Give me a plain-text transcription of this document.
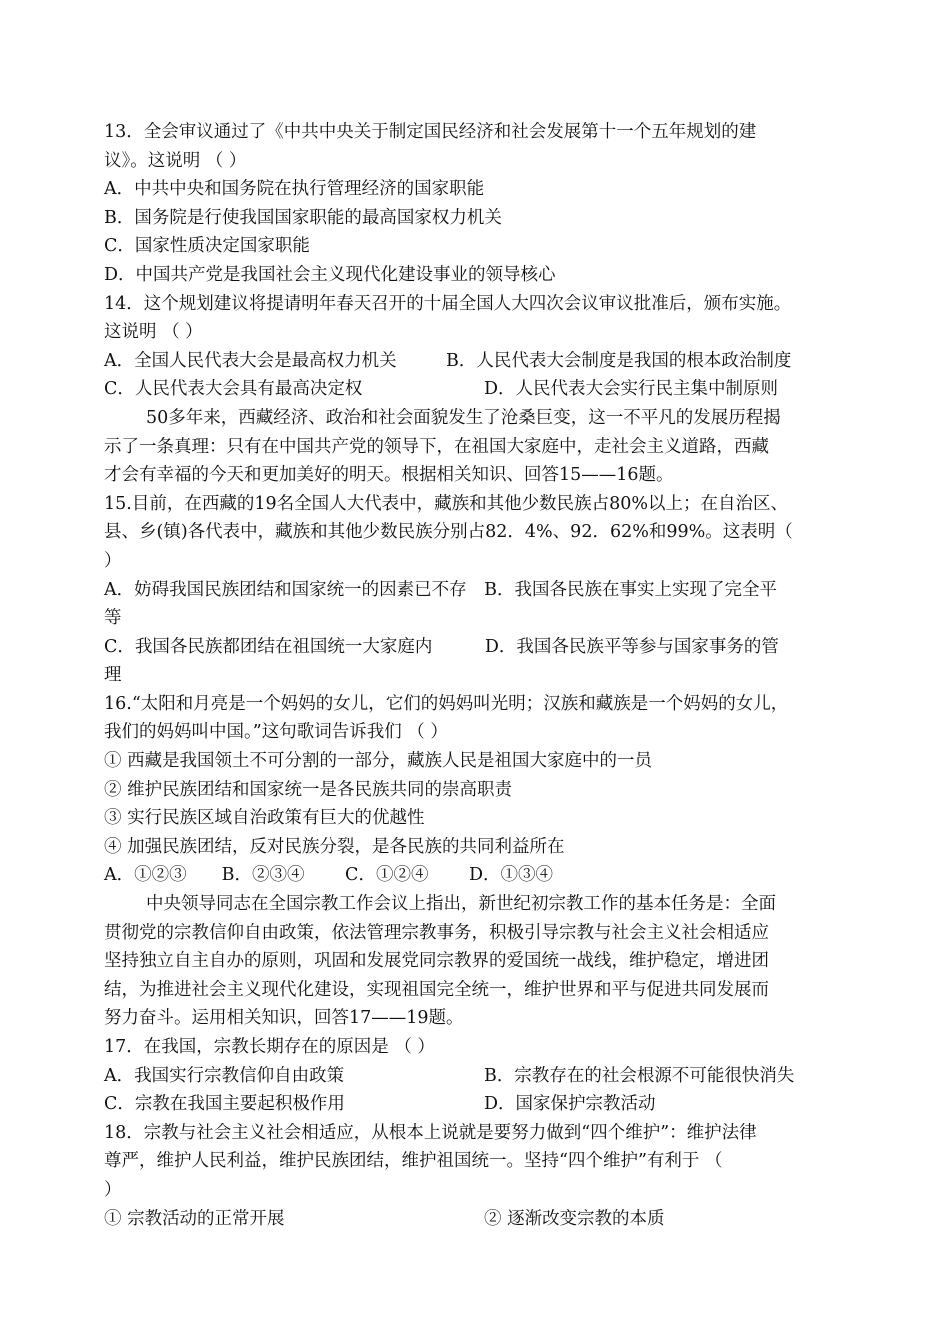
13．全会审议通过了《中共中央关于制定国民经济和社会发展第十一个五年规划的建
议》。这说明 （ ）
A．中共中央和国务院在执行管理经济的国家职能
B．国务院是行使我国国家职能的最高国家权力机关
C．国家性质决定国家职能
D．中国共产党是我国社会主义现代化建设事业的领导核心
14．这个规划建议将提请明年春天召开的十届全国人大四次会议审议批准后，颁布实施。
这说明 （ ）
A．全国人民代表大会是最高权力机关	B．人民代表大会制度是我国的根本政治制度
C．人民代表大会具有最高决定权	D．人民代表大会实行民主集中制原则
50多年来，西藏经济、政治和社会面貌发生了沧桑巨变，这一不平凡的发展历程揭
示了一条真理：只有在中国共产党的领导下，在祖国大家庭中，走社会主义道路，西藏
才会有幸福的今天和更加美好的明天。根据相关知识、回答15——16题。
15.目前，在西藏的19名全国人大代表中，藏族和其他少数民族占80%以上；在自治区、
县、乡(镇)各代表中，藏族和其他少数民族分别占82．4%、92．62%和99%。这表明（
）
A．妨碍我国民族团结和国家统一的因素已不存　B．我国各民族在事实上实现了完全平
等
C．我国各民族都团结在祖国统一大家庭内　　　D．我国各民族平等参与国家事务的管
理
16.“太阳和月亮是一个妈妈的女儿，它们的妈妈叫光明；汉族和藏族是一个妈妈的女儿，
我们的妈妈叫中国。”这句歌词告诉我们 （ ）
① 西藏是我国领土不可分割的一部分，藏族人民是祖国大家庭中的一员
② 维护民族团结和国家统一是各民族共同的崇高职责
③ 实行民族区域自治政策有巨大的优越性
④ 加强民族团结，反对民族分裂，是各民族的共同利益所在
A．①②③　　B．②③④　　 C．①②④　　 D．①③④
中央领导同志在全国宗教工作会议上指出，新世纪初宗教工作的基本任务是：全面
贯彻党的宗教信仰自由政策，依法管理宗教事务，积极引导宗教与社会主义社会相适应
坚持独立自主自办的原则，巩固和发展党同宗教界的爱国统一战线，维护稳定，增进团
结，为推进社会主义现代化建设，实现祖国完全统一，维护世界和平与促进共同发展而
努力奋斗。运用相关知识，回答17——19题。
17．在我国，宗教长期存在的原因是 （ ）
A．我国实行宗教信仰自由政策	B．宗教存在的社会根源不可能很快消失
C．宗教在我国主要起积极作用	D．国家保护宗教活动
18．宗教与社会主义社会相适应，从根本上说就是要努力做到“四个维护”：维护法律
尊严，维护人民利益，维护民族团结，维护祖国统一。坚持“四个维护”有利于 （
）
① 宗教活动的正常开展	② 逐渐改变宗教的本质
